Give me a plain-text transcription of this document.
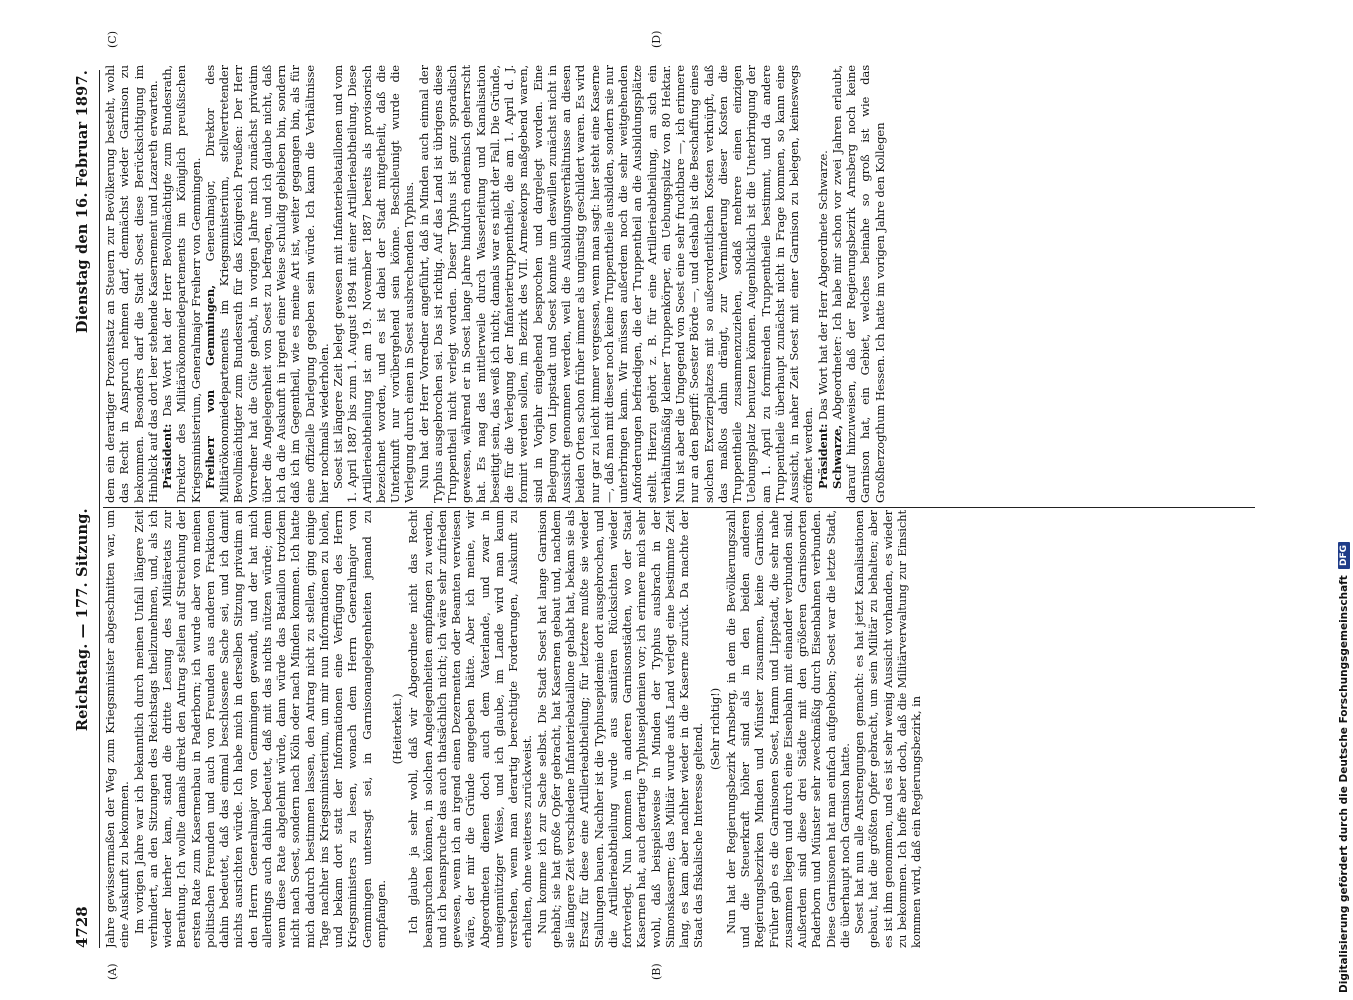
4728
Reichstag. — 177. Sitzung.
Dienstag den 16. Februar 1897.
(A)	(B)
(C)	(D)

Jahre gewissermaßen der Weg zum Kriegsminister abgeschnitten war, um eine Auskunft zu bekommen. Im vorigen Jahre war ich bekanntlich durch meinen Unfall längere Zeit verhindert, an den Sitzungen des Reichstags theilzunehmen, und, als ich wieder hierher kam, stand die dritte Lesung des Militäretats zur Berathung. Ich wollte damals direkt den Antrag stellen auf Streichung der ersten Rate zum Kasernenbau in Paderborn; ich wurde aber von meinen politischen Freunden und auch von Freunden aus anderen Fraktionen dahin bedeutet, daß das einmal beschlossene Sache sei, und ich damit nichts ausrichten würde. Ich habe mich in derselben Sitzung privatim an den Herrn Generalmajor von Gemmingen gewandt, und der hat mich allerdings auch dahin bedeutet, daß mit das nichts nützen würde; denn wenn diese Rate abgelehnt würde, dann würde das Bataillon trotzdem nicht nach Soest, sondern nach Köln oder nach Minden kommen. Ich hatte mich dadurch bestimmen lassen, den Antrag nicht zu stellen, ging einige Tage nachher ins Kriegsministerium, um mir nun Informationen zu holen, und bekam dort statt der Informationen eine Verfügung des Herrn Kriegsministers zu lesen, wonach dem Herrn Generalmajor von Gemmingen untersagt sei, in Garnisonangelegenheiten jemand zu empfangen.

(Heiterkeit.) Ich glaube ja sehr wohl, daß wir Abgeordnete nicht das Recht beanspruchen können, in solchen Angelegenheiten empfangen zu werden, und ich beanspruche das auch thatsächlich nicht; ich wäre sehr zufrieden gewesen, wenn ich an irgend einen Dezernenten oder Beamten verwiesen wäre, der mir die Gründe angegeben hätte. Aber ich meine, wir Abgeordneten dienen doch auch dem Vaterlande, und zwar in uneigennütziger Weise, und ich glaube, im Lande wird man kaum verstehen, wenn man derartig berechtigte Forderungen, Auskunft zu erhalten, ohne weiteres zurückweist. Nun komme ich zur Sache selbst. Die Stadt Soest hat lange Garnison gehabt; sie hat große Opfer gebracht, hat Kasernen gebaut und, nachdem sie längere Zeit verschiedene Infanteriebataillone gehabt hat, bekam sie als Ersatz für diese eine Artillerieabtheilung; für letztere mußte sie wieder Stallungen bauen. Nachher ist die Typhusepidemie dort ausgebrochen, und die Artillerieabtheilung wurde aus sanitären Rücksichten wieder fortverlegt. Nun kommen in anderen Garnisonstädten, wo der Staat Kasernen hat, auch derartige Typhusepidemien vor; ich erinnere mich sehr wohl, daß beispielsweise in Minden der Typhus ausbrach in der Simonskaserne; das Militär wurde aufs Land verlegt eine bestimmte Zeit lang, es kam aber nachher wieder in die Kaserne zurück. Da machte der Staat das fiskalische Interesse geltend. (Sehr richtig!) Nun hat der Regierungsbezirk Arnsberg, in dem die Bevölkerungszahl und die Steuerkraft höher sind als in den beiden anderen Regierungsbezirken Minden und Münster zusammen, keine Garnison. Früher gab es die Garnisonen Soest, Hamm und Lippstadt, die sehr nahe zusammen liegen und durch eine Eisenbahn mit einander verbunden sind. Außerdem sind diese drei Städte mit den größeren Garnisonorten Paderborn und Münster sehr zweckmäßig durch Eisenbahnen verbunden. Diese Garnisonen hat man einfach aufgehoben; Soest war die letzte Stadt, die überhaupt noch Garnison hatte. Soest hat nun alle Anstrengungen gemacht: es hat jetzt Kanalisationen gebaut, hat die größten Opfer gebracht, um sein Militär zu behalten; aber es ist ihm genommen, und es ist sehr wenig Aussicht vorhanden, es wieder zu bekommen. Ich hoffe aber doch, daß die Militärverwaltung zur Einsicht kommen wird, daß ein Regierungsbezirk, in

dem ein derartiger Prozentsatz an Steuern zur Bevölkerung besteht, wohl das Recht in Anspruch nehmen darf, demnächst wieder Garnison zu bekommen. Besonders darf die Stadt Soest diese Berücksichtigung im Hinblick auf das dort leer stehende Kasernement und Lazareth erwarten. Präsident: Das Wort hat der Herr Bevollmächtigte zum Bundesrath, Direktor des Militärökonomiedepartements im Königlich preußischen Kriegsministerium, Generalmajor Freiherr von Gemmingen. Freiherr von Gemmingen, Generalmajor, Direktor des Militärökonomiedepartements im Kriegsministerium, stellvertretender Bevollmächtigter zum Bundesrath für das Königreich Preußen: Der Herr Vorredner hat die Güte gehabt, in vorigen Jahre mich zunächst privatim über die Angelegenheit von Soest zu befragen, und ich glaube nicht, daß ich da die Auskunft in irgend einer Weise schuldig geblieben bin, sondern daß ich im Gegentheil, wie es meine Art ist, weiter gegangen bin, als für eine offizielle Darlegung gegeben sein würde. Ich kann die Verhältnisse hier nochmals wiederholen. Soest ist längere Zeit belegt gewesen mit Infanteriebataillonen und vom 1. April 1887 bis zum 1. August 1894 mit einer Artillerieabtheilung. Diese Artillerieabtheilung ist am 19. November 1887 bereits als provisorisch bezeichnet worden, und es ist dabei der Stadt mitgetheilt, daß die Unterkunft nur vorübergehend sein könne. Beschleunigt wurde die Verlegung durch einen in Soest ausbrechenden Typhus. Nun hat der Herr Vorredner angeführt, daß in Minden auch einmal der Typhus ausgebrochen sei. Das ist richtig. Auf das Land ist übrigens diese Truppentheil nicht verlegt worden. Dieser Typhus ist ganz sporadisch gewesen, während er in Soest lange Jahre hindurch endemisch geherrscht hat. Es mag das mittlerweile durch Wasserleitung und Kanalisation beseitigt sein, das weiß ich nicht; damals war es nicht der Fall. Die Gründe, die für die Verlegung der Infanterietruppentheile, die am 1. April d. J. formirt werden sollen, im Bezirk des VII. Armeekorps maßgebend waren, sind in Vorjahr eingehend besprochen und dargelegt worden. Eine Belegung von Lippstadt und Soest konnte um deswillen zunächst nicht in Aussicht genommen werden, weil die Ausbildungsverhältnisse an diesen beiden Orten schon früher immer als ungünstig geschildert waren. Es wird nur gar zu leicht immer vergessen, wenn man sagt: hier steht eine Kaserne —, daß man mit dieser noch keine Truppentheile ausbilden, sondern sie nur unterbringen kann. Wir müssen außerdem noch die sehr weitgehenden Anforderungen befriedigen, die der Truppentheil an die Ausbildungsplätze stellt. Hierzu gehört z. B. für eine Artillerieabtheilung, an sich ein verhältnißmäßig kleiner Truppenkörper, ein Uebungsplatz von 80 Hektar. Nun ist aber die Umgegend von Soest eine sehr fruchtbare —, ich erinnere nur an den Begriff: Soester Börde —, und deshalb ist die Beschaffung eines solchen Exerzierplatzes mit so außerordentlichen Kosten verknüpft, daß das maßlos dahin drängt, zur Verminderung dieser Kosten die Truppentheile zusammenzuziehen, sodaß mehrere einen einzigen Uebungsplatz benutzen können. Augenblicklich ist die Unterbringung der am 1. April zu formirenden Truppentheile bestimmt, und da andere Truppentheile überhaupt zunächst nicht in Frage kommen, so kann eine Aussicht, in naher Zeit Soest mit einer Garnison zu belegen, keineswegs eröffnet werden. Präsident: Das Wort hat der Herr Abgeordnete Schwarze.

Schwarze, Abgeordneter: Ich habe mir schon vor zwei Jahren erlaubt, darauf hinzuweisen, daß der Regierungsbezirk Arnsberg noch keine Garnison hat, ein Gebiet, welches beinahe so groß ist wie das Großherzogthum Hessen. Ich hatte im vorigen Jahre den Kollegen

Digitalisierung gefördert durch die Deutsche Forschungsgemeinschaft
DFG
